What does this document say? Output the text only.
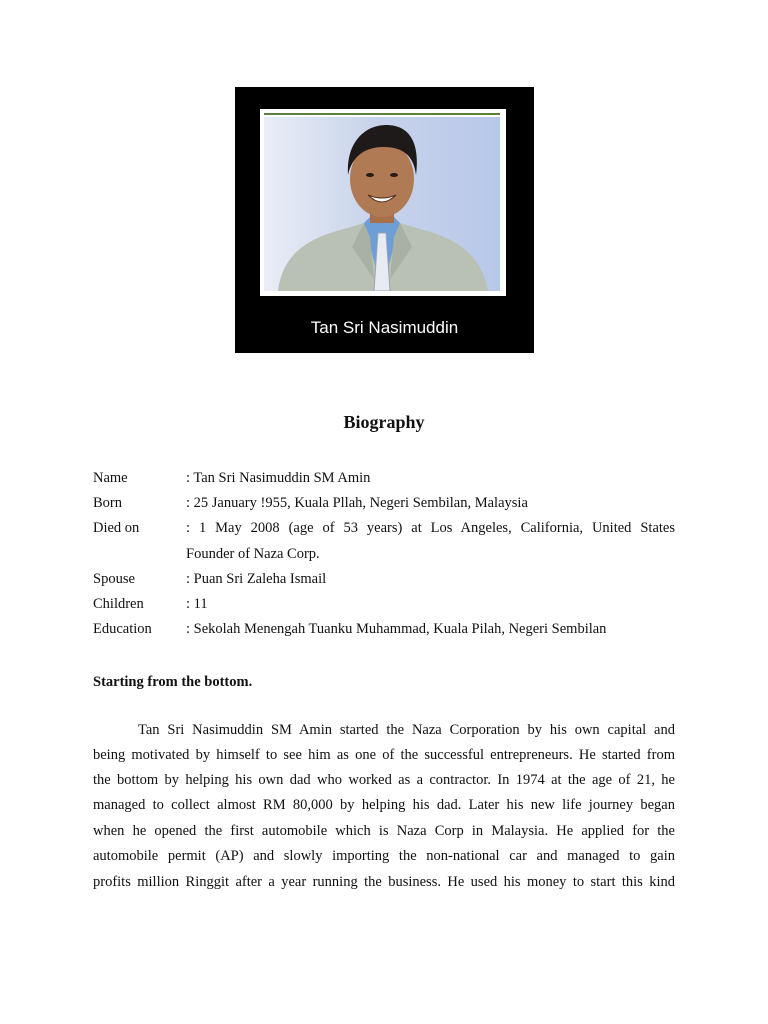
Tan Sri Nasimuddin
Biography
Name	: Tan Sri Nasimuddin SM Amin
Born	: 25 January !955, Kuala Pllah, Negeri Sembilan, Malaysia
Died on	: 1 May 2008 (age of 53 years) at Los Angeles, California, United States
Founder of Naza Corp.
Spouse	: Puan Sri Zaleha Ismail
Children	: 11
Education : Sekolah Menengah Tuanku Muhammad, Kuala Pilah, Negeri Sembilan
Starting from the bottom.
Tan Sri Nasimuddin SM Amin started the Naza Corporation by his own capital and
being motivated by himself to see him as one of the successful entrepreneurs. He started from
the bottom by helping his own dad who worked as a contractor. In 1974 at the age of 21, he
managed to collect almost RM 80,000 by helping his dad. Later his new life journey began
when he opened the first automobile which is Naza Corp in Malaysia. He applied for the
automobile permit (AP) and slowly importing the non-national car and managed to gain
profits million Ringgit after a year running the business. He used his money to start this kind
